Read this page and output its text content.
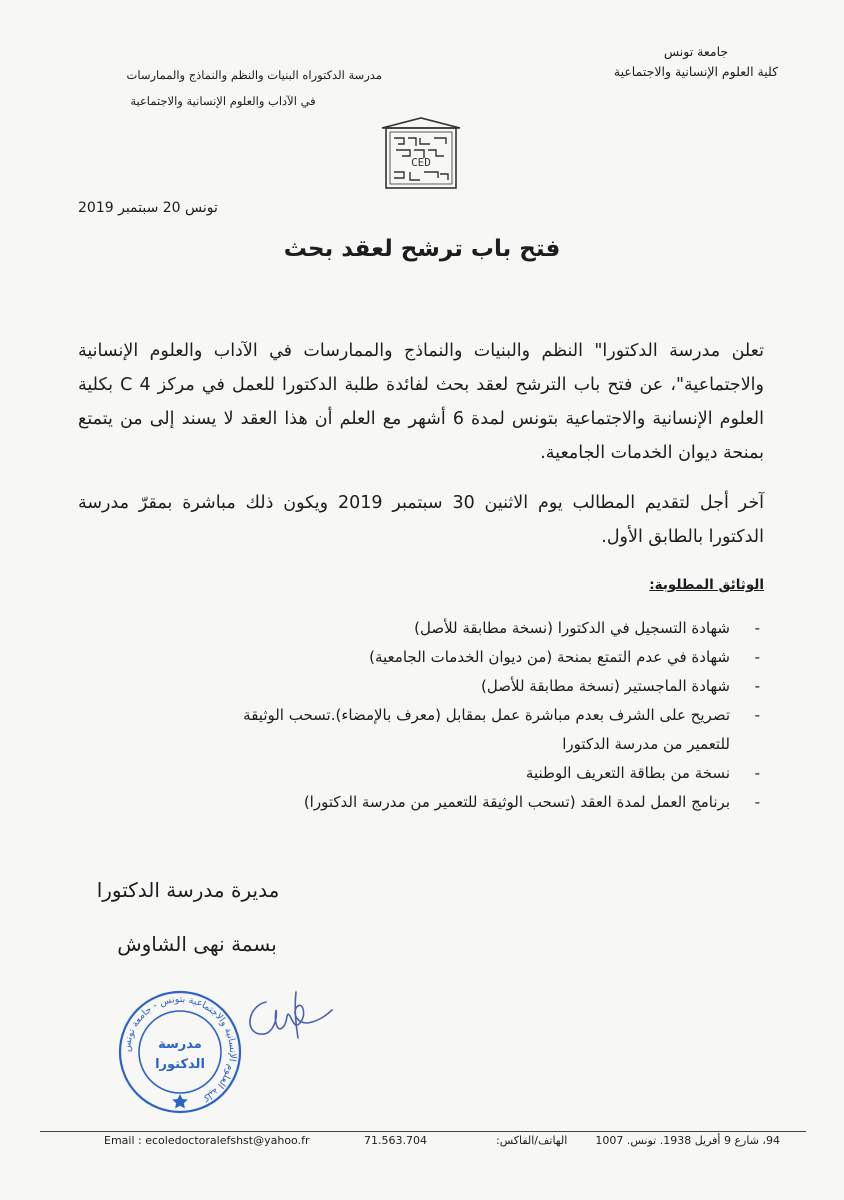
جامعة تونس
كلية العلوم الإنسانية والاجتماعية
مدرسة الدكتوراه البنيات والنظم والنماذج والممارسات
في الآداب والعلوم الإنسانية والاجتماعية
CED
تونس 20 سبتمبر 2019
فتح باب ترشح لعقد بحث
تعلن مدرسة الدكتورا" النظم والبنيات والنماذج والممارسات في الآداب والعلوم الإنسانية والاجتماعية"، عن فتح باب الترشح لعقد بحث لفائدة طلبة الدكتورا للعمل في مركز C 4 بكلية العلوم الإنسانية والاجتماعية بتونس لمدة 6 أشهر مع العلم أن هذا العقد لا يسند إلى من يتمتع بمنحة ديوان الخدمات الجامعية.
آخر أجل لتقديم المطالب يوم الاثنين 30 سبتمبر 2019 ويكون ذلك مباشرة بمقرّ مدرسة الدكتورا بالطابق الأول.
الوثائق المطلوبة:
- شهادة التسجيل في الدكتورا (نسخة مطابقة للأصل)
- شهادة في عدم التمتع بمنحة (من ديوان الخدمات الجامعية)
- شهادة الماجستير (نسخة مطابقة للأصل)
- تصريح على الشرف بعدم مباشرة عمل بمقابل (معرف بالإمضاء).تسحب الوثيقة للتعمير من مدرسة الدكتورا
- نسخة من بطاقة التعريف الوطنية
- برنامج العمل لمدة العقد (تسحب الوثيقة للتعمير من مدرسة الدكتورا)
مديرة مدرسة الدكتورا
بسمة نهى الشاوش
كلية العلوم الإنسانية والاجتماعية بتونس - جامعة تونس
مدرسة
الدكتورا
Email : ecoledoctoralefshst@yahoo.fr	71.563.704	الهاتف/الفاكس:	94، شارع 9 أفريل 1938. تونس. 1007
